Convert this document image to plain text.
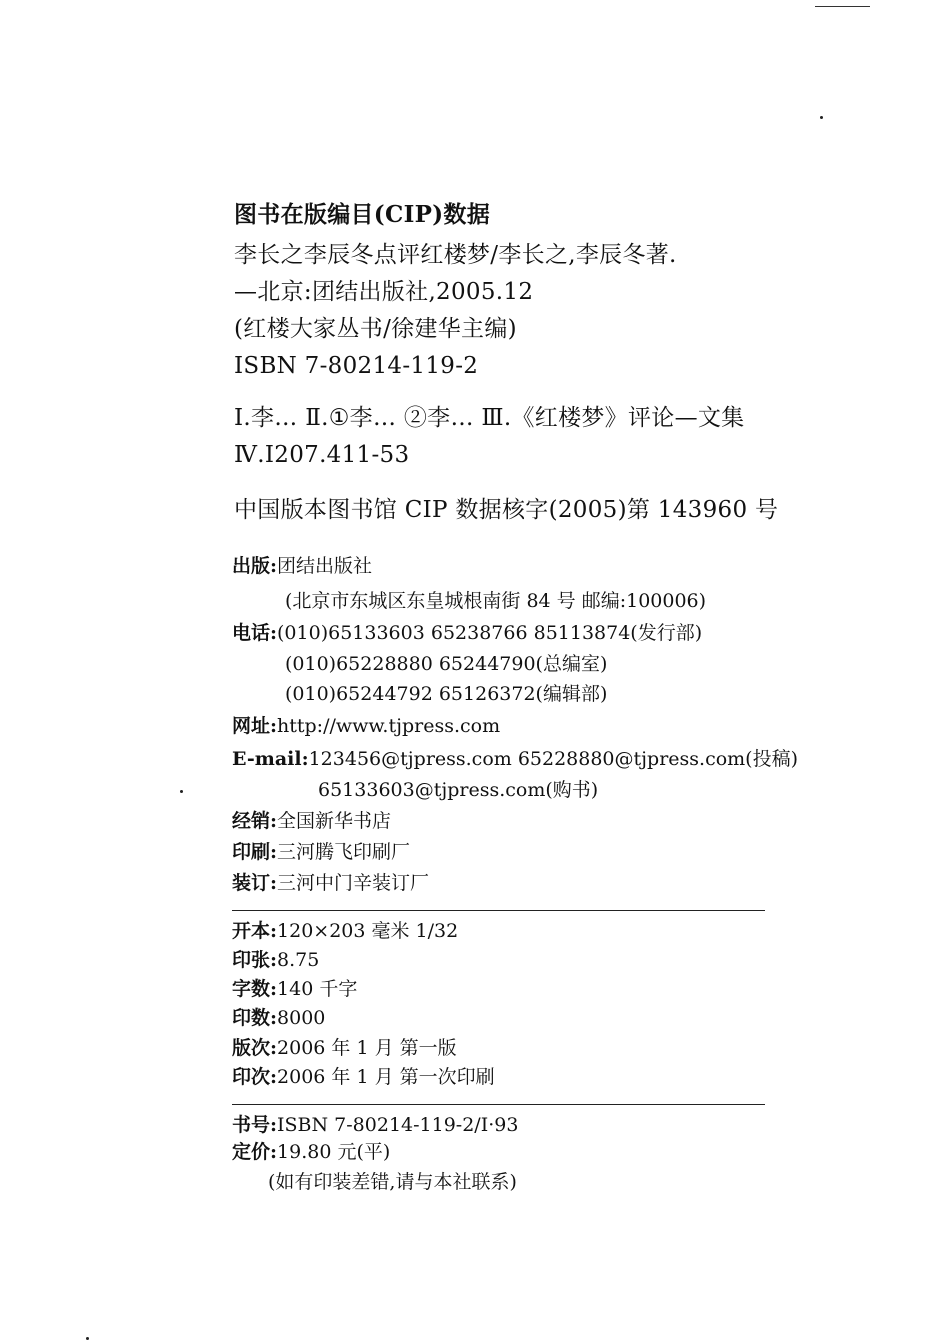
图书在版编目(CIP)数据
李长之李辰冬点评红楼梦/李长之,李辰冬著.
—北京:团结出版社,2005.12
(红楼大家丛书/徐建华主编)
ISBN 7-80214-119-2
Ⅰ.李… Ⅱ.①李… ②李… Ⅲ.《红楼梦》评论—文集
Ⅳ.I207.411-53
中国版本图书馆 CIP 数据核字(2005)第 143960 号
出版:团结出版社
(北京市东城区东皇城根南街 84 号 邮编:100006)
电话:(010)65133603 65238766 85113874(发行部)
(010)65228880 65244790(总编室)
(010)65244792 65126372(编辑部)
网址:http://www.tjpress.com
E-mail:123456@tjpress.com 65228880@tjpress.com(投稿)
65133603@tjpress.com(购书)
经销:全国新华书店
印刷:三河腾飞印刷厂
装订:三河中门辛装订厂
开本:120×203 毫米 1/32
印张:8.75
字数:140 千字
印数:8000
版次:2006 年 1 月 第一版
印次:2006 年 1 月 第一次印刷
书号:ISBN 7-80214-119-2/I·93
定价:19.80 元(平)
(如有印装差错,请与本社联系)
